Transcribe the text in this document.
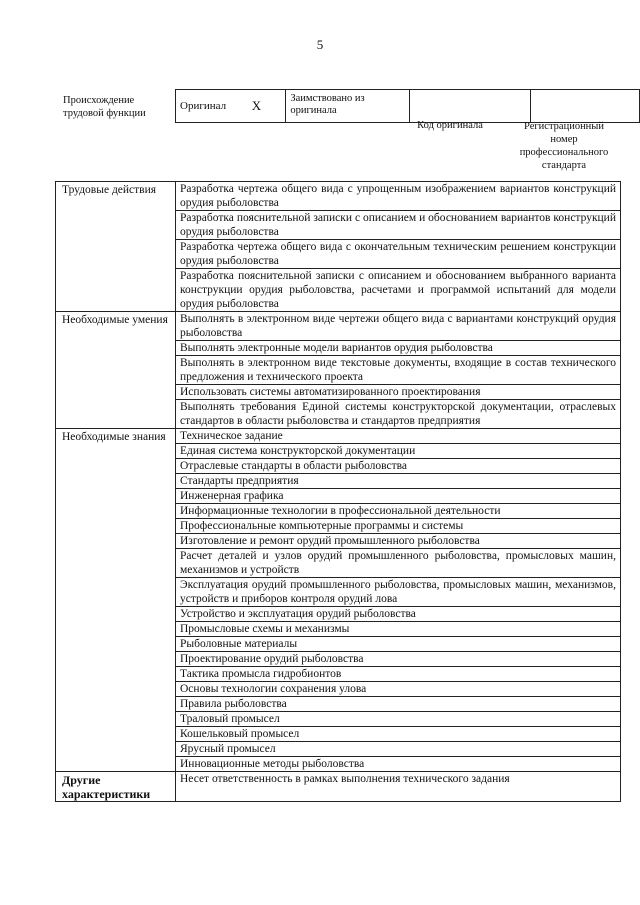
5
Происхождение трудовой функции
Оригинал	X	Заимствовано из оригинала		
Код оригинала	Регистрационный номер профессионального стандарта
Трудовые действия	Разработка чертежа общего вида с упрощенным изображением вариантов конструкций орудия рыболовства
	Разработка пояснительной записки с описанием и обоснованием вариантов конструкций орудия рыболовства
	Разработка чертежа общего вида с окончательным техническим решением конструкции орудия рыболовства
	Разработка пояснительной записки с описанием и обоснованием выбранного варианта конструкции орудия рыболовства, расчетами и программой испытаний для модели орудия рыболовства
Необходимые умения	Выполнять в электронном виде чертежи общего вида с вариантами конструкций орудия рыболовства
	Выполнять электронные модели вариантов орудия рыболовства
	Выполнять в электронном виде текстовые документы, входящие в состав технического предложения и технического проекта
	Использовать системы автоматизированного проектирования
	Выполнять требования Единой системы конструкторской документации, отраслевых стандартов в области рыболовства и стандартов предприятия
Необходимые знания	Техническое задание
	Единая система конструкторской документации
	Отраслевые стандарты в области рыболовства
	Стандарты предприятия
	Инженерная графика
	Информационные технологии в профессиональной деятельности
	Профессиональные компьютерные программы и системы
	Изготовление и ремонт орудий промышленного рыболовства
	Расчет деталей и узлов орудий промышленного рыболовства, промысловых машин, механизмов и устройств
	Эксплуатация орудий промышленного рыболовства, промысловых машин, механизмов, устройств и приборов контроля орудий лова
	Устройство и эксплуатация орудий рыболовства
	Промысловые схемы и механизмы
	Рыболовные материалы
	Проектирование орудий рыболовства
	Тактика промысла гидробионтов
	Основы технологии сохранения улова
	Правила рыболовства
	Траловый промысел
	Кошельковый промысел
	Ярусный промысел
	Инновационные методы рыболовства
Другие характеристики	Несет ответственность в рамках выполнения технического задания
